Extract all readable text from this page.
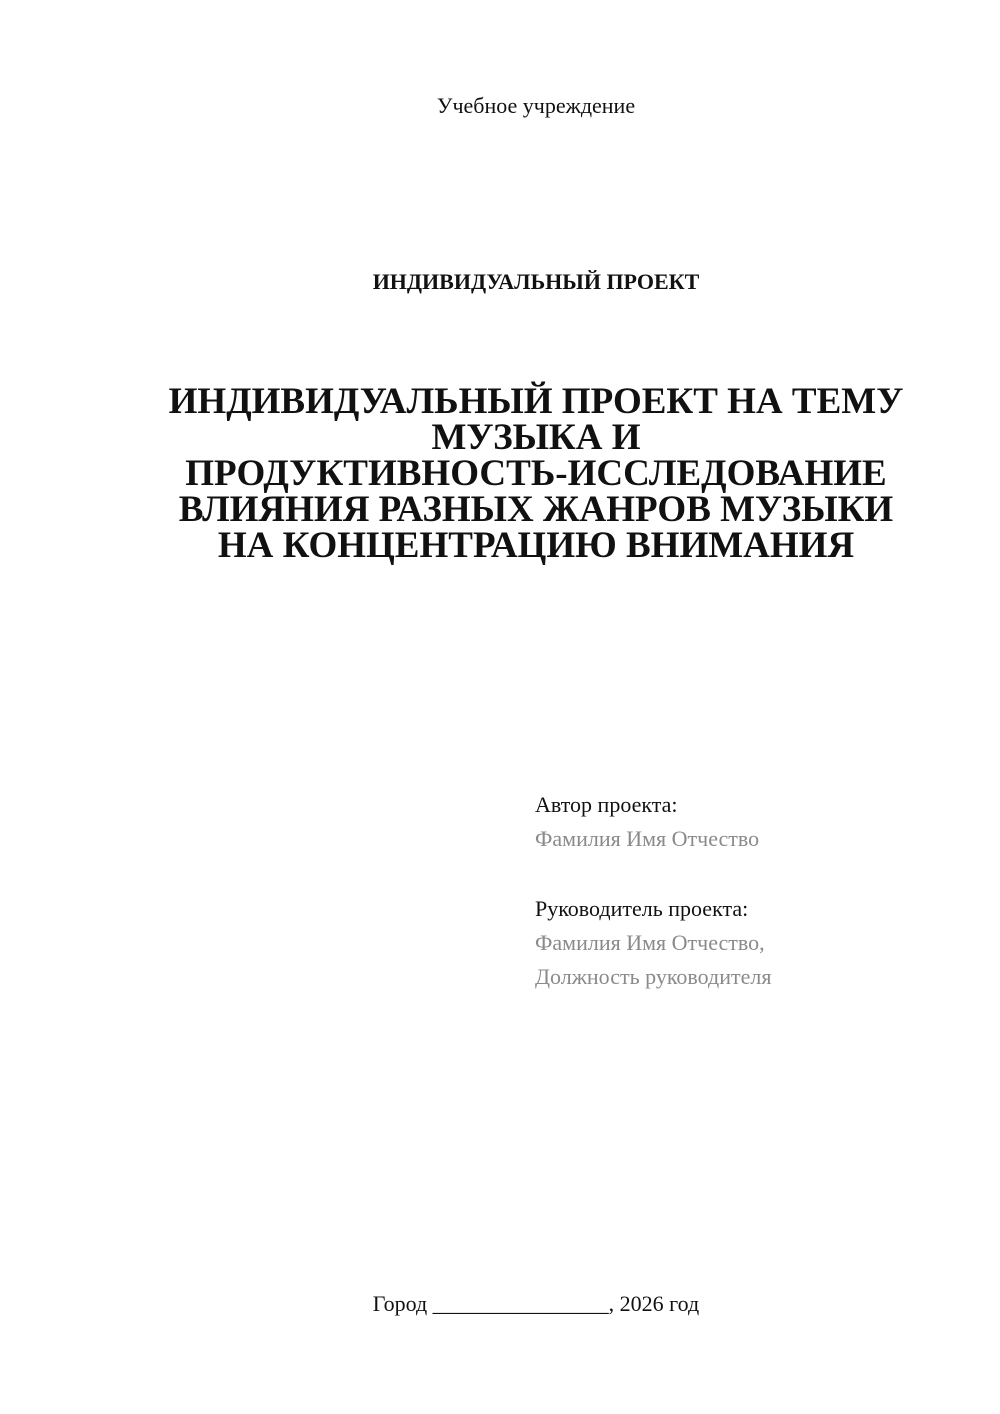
Учебное учреждение
ИНДИВИДУАЛЬНЫЙ ПРОЕКТ
ИНДИВИДУАЛЬНЫЙ ПРОЕКТ НА ТЕМУ
МУЗЫКА И
ПРОДУКТИВНОСТЬ-ИССЛЕДОВАНИЕ
ВЛИЯНИЯ РАЗНЫХ ЖАНРОВ МУЗЫКИ
НА КОНЦЕНТРАЦИЮ ВНИМАНИЯ
Автор проекта:
Фамилия Имя Отчество
Руководитель проекта:
Фамилия Имя Отчество,
Должность руководителя
Город ________________, 2026 год
